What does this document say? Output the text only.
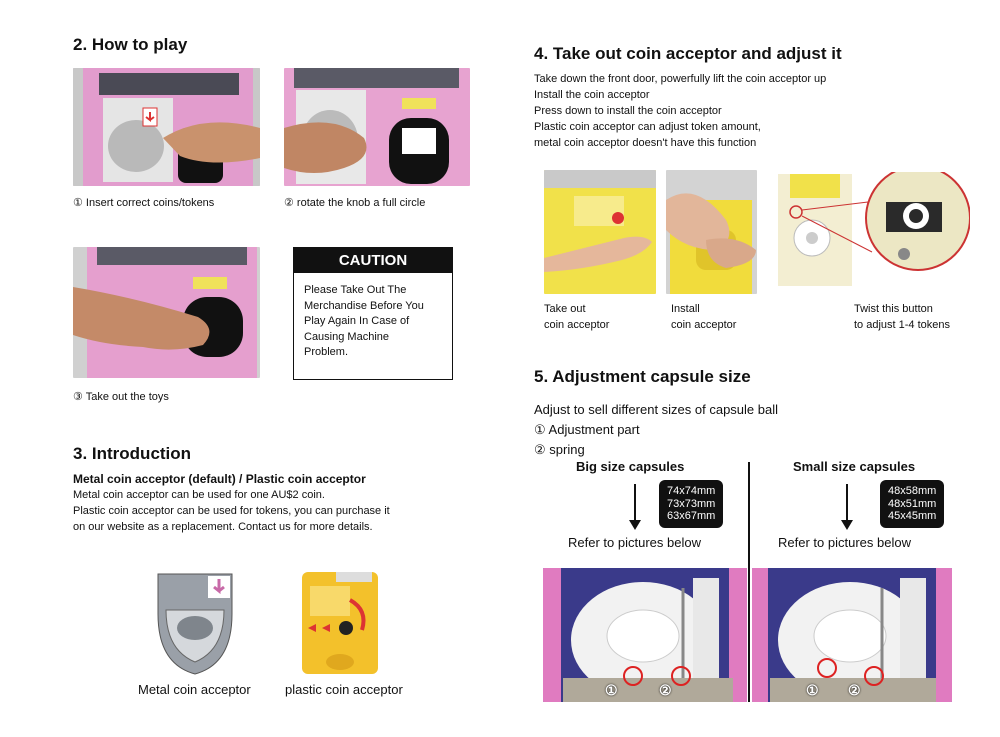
2. How to play
① Insert correct coins/tokens	② rotate the knob a full circle
③ Take out the toys
CAUTION
Please Take Out The
Merchandise Before You
Play Again In Case of
Causing Machine
Problem.
3. Introduction
Metal coin acceptor (default) / Plastic coin acceptor
Metal coin acceptor can be used for one AU$2 coin.
Plastic coin acceptor can be used for tokens, you can purchase it
on our website as a replacement. Contact us for more details.
Metal coin acceptor	plastic coin acceptor
4. Take out coin acceptor and adjust it
Take down the front door, powerfully lift the coin acceptor up
Install the coin acceptor
Press down to install the coin acceptor
Plastic coin acceptor can adjust token amount,
metal coin acceptor doesn't have this function
Take out
coin acceptor
Install
coin acceptor
Twist this button
to adjust 1-4 tokens
5. Adjustment capsule size
Adjust to sell different sizes of capsule ball
① Adjustment part
② spring
Big size capsules
74x74mm
73x73mm
63x67mm
Refer to pictures below
Small size capsules
48x58mm
48x51mm
45x45mm
Refer to pictures below
①	②	① ②
